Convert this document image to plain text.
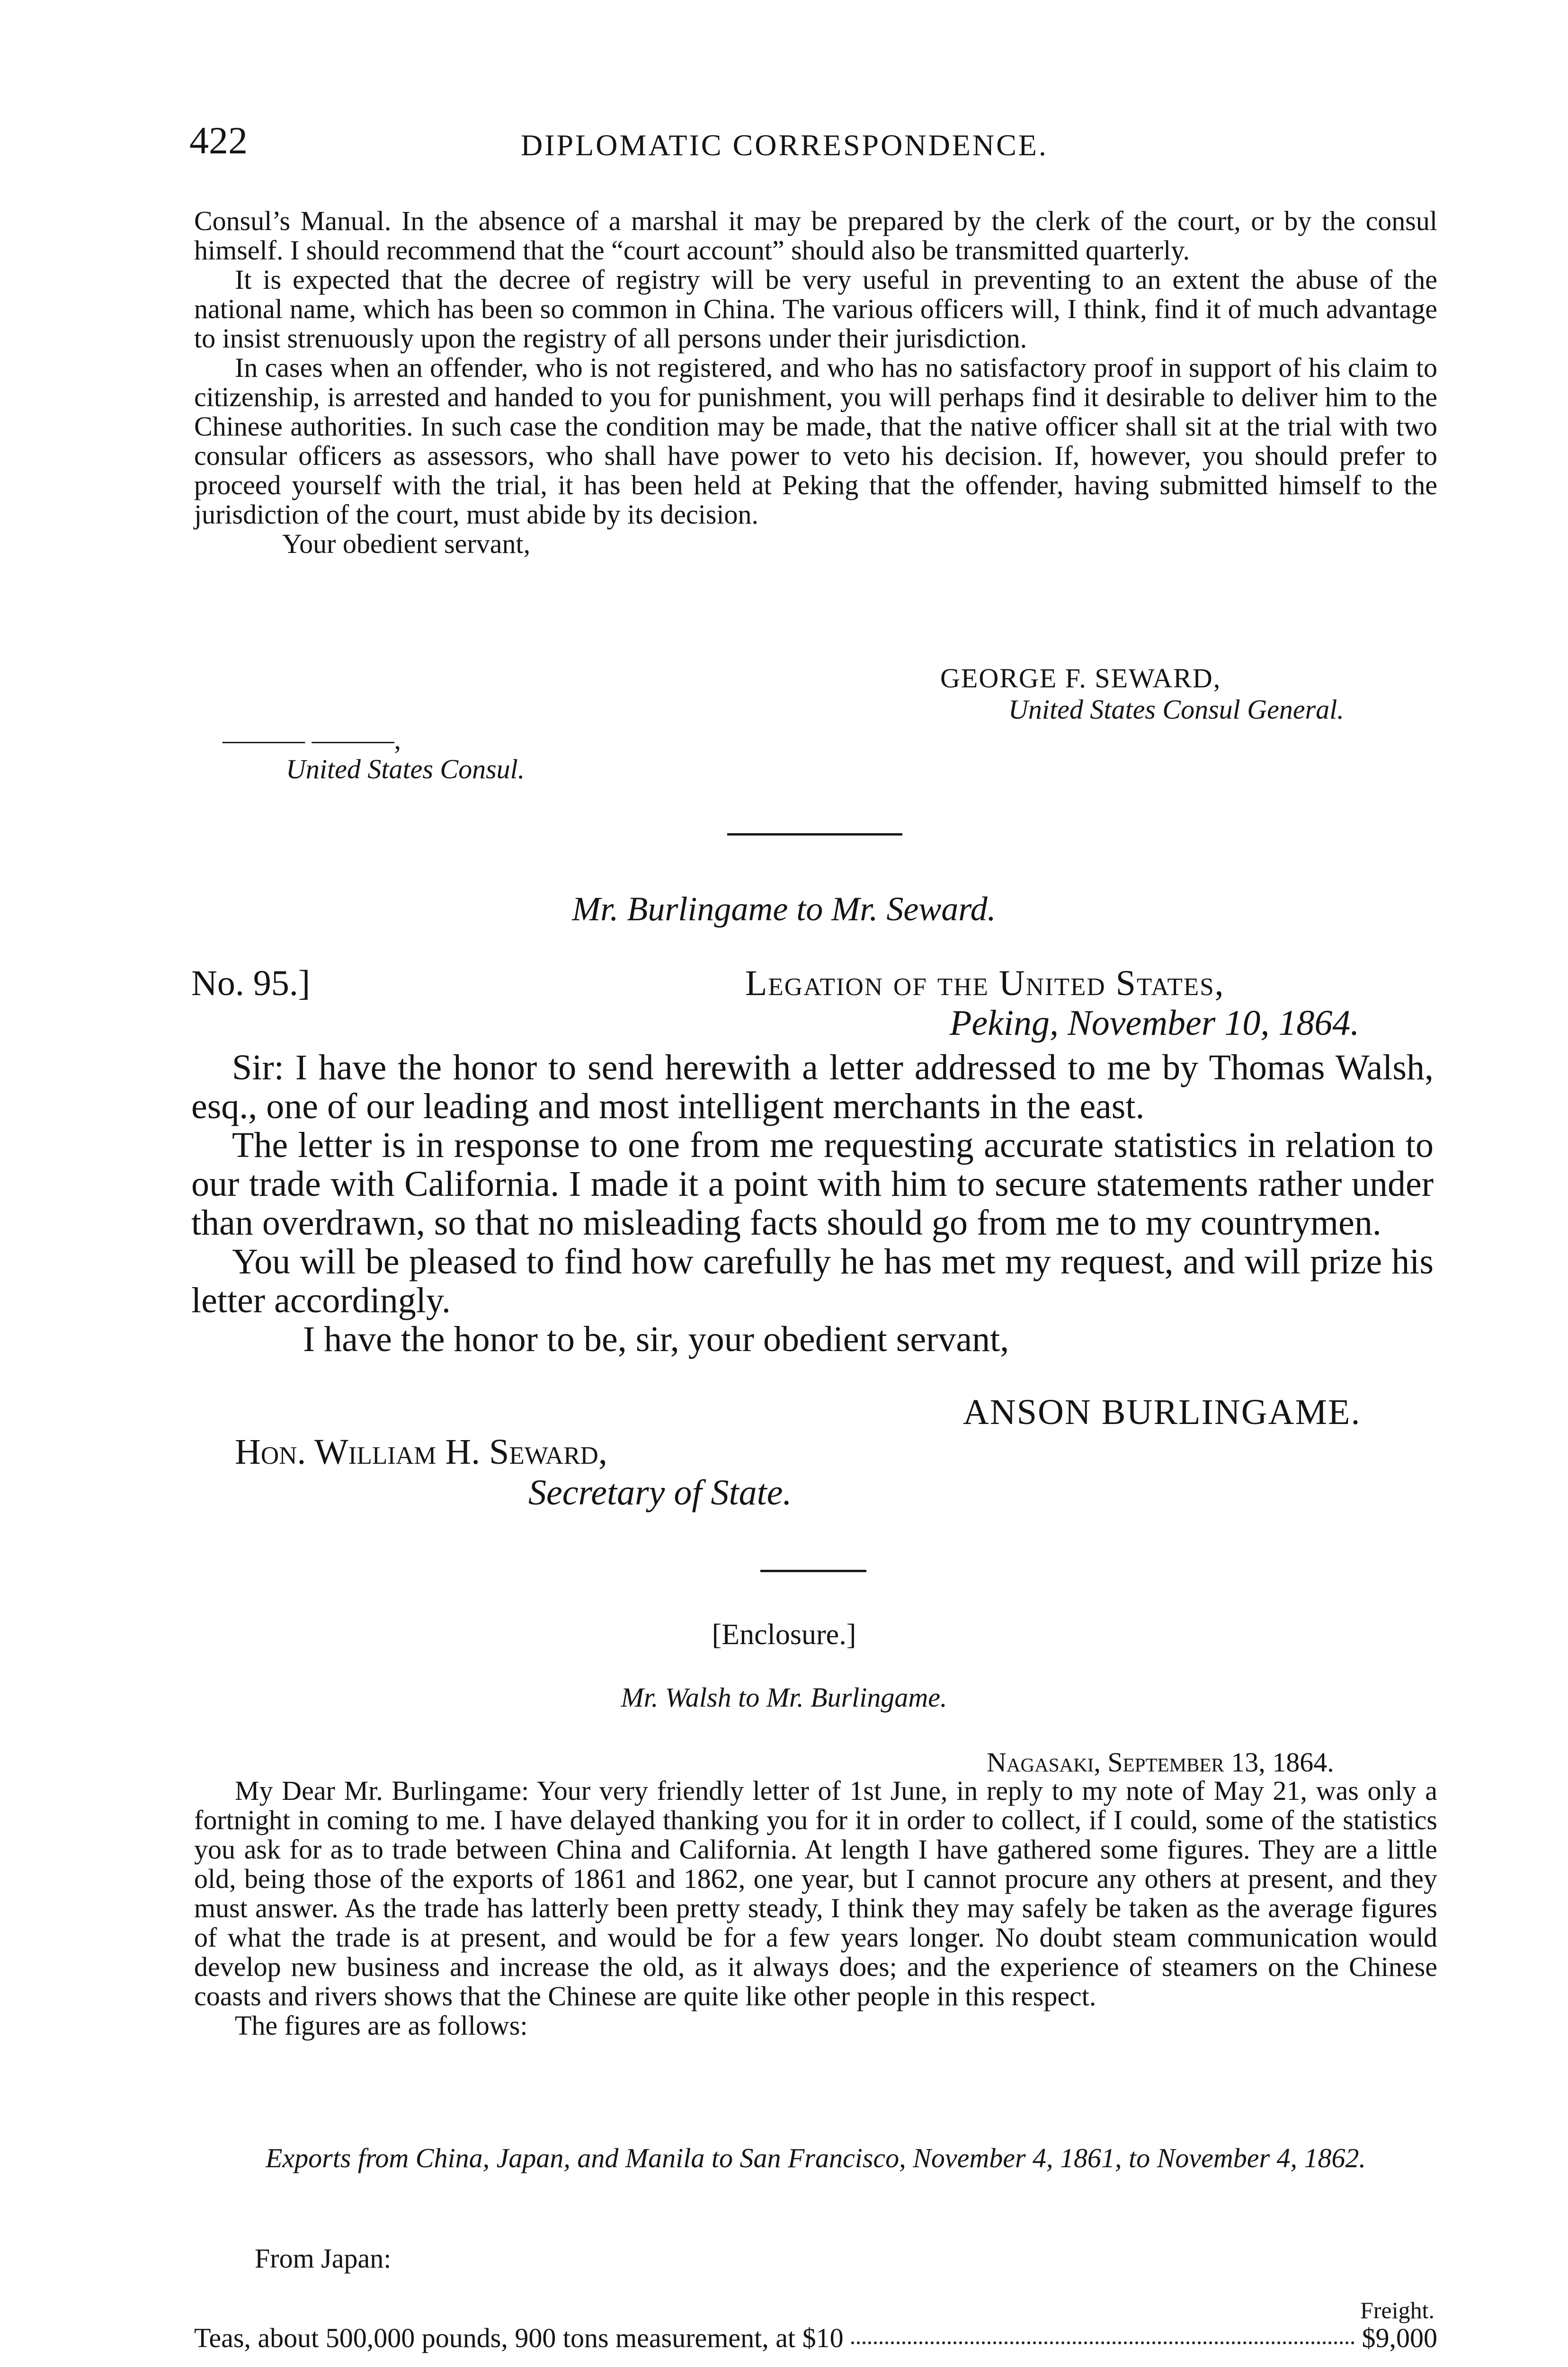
422	DIPLOMATIC CORRESPONDENCE.

Consul’s Manual. In the absence of a marshal it may be prepared by the clerk of the court, or by the consul himself. I should recommend that the “court account” should also be transmitted quarterly.

It is expected that the decree of registry will be very useful in preventing to an extent the abuse of the national name, which has been so common in China. The various officers will, I think, find it of much advantage to insist strenuously upon the registry of all persons under their jurisdiction.

In cases when an offender, who is not registered, and who has no satisfactory proof in support of his claim to citizenship, is arrested and handed to you for punishment, you will perhaps find it desirable to deliver him to the Chinese authorities. In such case the condition may be made, that the native officer shall sit at the trial with two consular officers as assessors, who shall have power to veto his decision. If, however, you should prefer to proceed yourself with the trial, it has been held at Peking that the offender, having submitted himself to the jurisdiction of the court, must abide by its decision.

Your obedient servant,

GEORGE F. SEWARD,
United States Consul General.
——— ———,
United States Consul.
Mr. Burlingame to Mr. Seward.
No. 95.]	Legation of the United States,
Peking, November 10, 1864.

Sir: I have the honor to send herewith a letter addressed to me by Thomas Walsh, esq., one of our leading and most intelligent merchants in the east.

The letter is in response to one from me requesting accurate statistics in relation to our trade with California. I made it a point with him to secure statements rather under than overdrawn, so that no misleading facts should go from me to my countrymen.

You will be pleased to find how carefully he has met my request, and will prize his letter accordingly.

I have the honor to be, sir, your obedient servant,

ANSON BURLINGAME.
Hon. William H. Seward,
Secretary of State.
[Enclosure.]
Mr. Walsh to Mr. Burlingame.
Nagasaki, September 13, 1864.

My Dear Mr. Burlingame: Your very friendly letter of 1st June, in reply to my note of May 21, was only a fortnight in coming to me. I have delayed thanking you for it in order to collect, if I could, some of the statistics you ask for as to trade between China and California. At length I have gathered some figures. They are a little old, being those of the exports of 1861 and 1862, one year, but I cannot procure any others at present, and they must answer. As the trade has latterly been pretty steady, I think they may safely be taken as the average figures of what the trade is at present, and would be for a few years longer. No doubt steam communication would develop new business and increase the old, as it always does; and the experience of steamers on the Chinese coasts and rivers shows that the Chinese are quite like other people in this respect.

The figures are as follows:

Exports from China, Japan, and Manila to San Francisco, November 4, 1861, to November 4, 1862.
From Japan:
Freight.
Teas, about 500,000 pounds, 900 tons measurement, at $10	$9,000
